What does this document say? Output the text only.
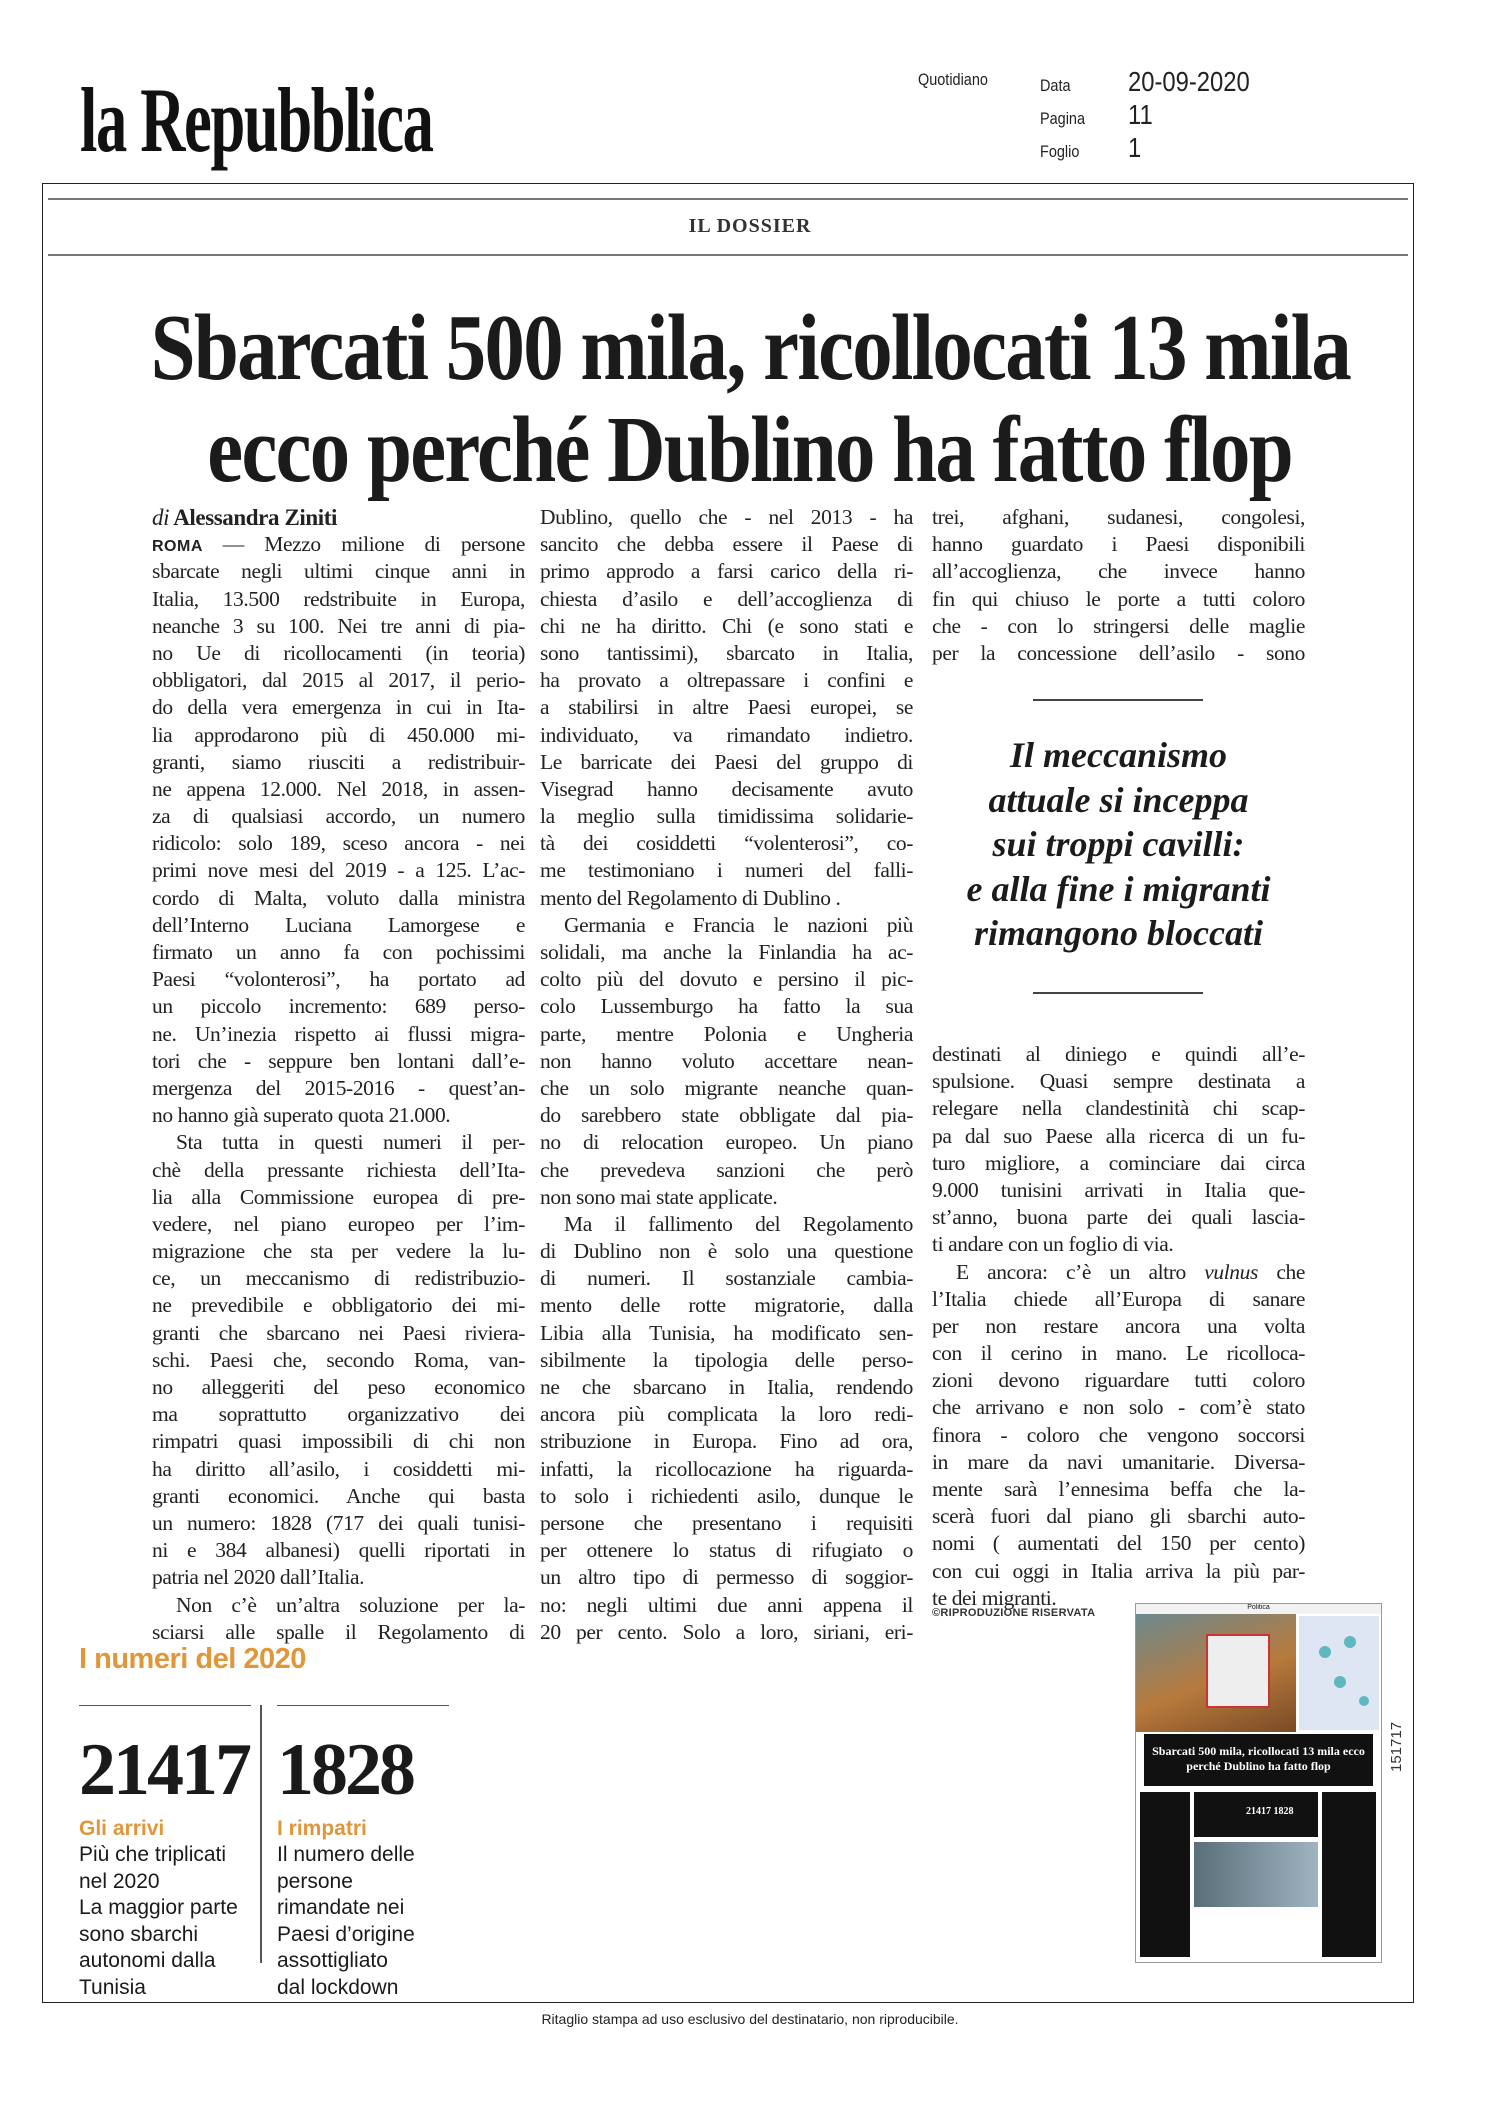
la Repubblica	Quotidiano	Data 20-09-2020
Pagina 11
Foglio 1
IL DOSSIER
Sbarcati 500 mila, ricollocati 13 mila
ecco perché Dublino ha fatto flop
di Alessandra Ziniti
ROMA — Mezzo milione di persone
sbarcate negli ultimi cinque anni in
Italia, 13.500 redstribuite in Europa,
neanche 3 su 100. Nei tre anni di pia-
no Ue di ricollocamenti (in teoria)
obbligatori, dal 2015 al 2017, il perio-
do della vera emergenza in cui in Ita-
lia approdarono più di 450.000 mi-
granti, siamo riusciti a redistribuir-
ne appena 12.000. Nel 2018, in assen-
za di qualsiasi accordo, un numero
ridicolo: solo 189, sceso ancora - nei
primi nove mesi del 2019 - a 125. L’ac-
cordo di Malta, voluto dalla ministra
dell’Interno Luciana Lamorgese e
firmato un anno fa con pochissimi
Paesi “volonterosi”, ha portato ad
un piccolo incremento: 689 perso-
ne. Un’inezia rispetto ai flussi migra-
tori che - seppure ben lontani dall’e-
mergenza del 2015-2016 - quest’an-
no hanno già superato quota 21.000.
Sta tutta in questi numeri il per-
chè della pressante richiesta dell’Ita-
lia alla Commissione europea di pre-
vedere, nel piano europeo per l’im-
migrazione che sta per vedere la lu-
ce, un meccanismo di redistribuzio-
ne prevedibile e obbligatorio dei mi-
granti che sbarcano nei Paesi riviera-
schi. Paesi che, secondo Roma, van-
no alleggeriti del peso economico
ma soprattutto organizzativo dei
rimpatri quasi impossibili di chi non
ha diritto all’asilo, i cosiddetti mi-
granti economici. Anche qui basta
un numero: 1828 (717 dei quali tunisi-
ni e 384 albanesi) quelli riportati in
patria nel 2020 dall’Italia.
Non c’è un’altra soluzione per la-
sciarsi alle spalle il Regolamento di
Dublino, quello che - nel 2013 - ha
sancito che debba essere il Paese di
primo approdo a farsi carico della ri-
chiesta d’asilo e dell’accoglienza di
chi ne ha diritto. Chi (e sono stati e
sono tantissimi), sbarcato in Italia,
ha provato a oltrepassare i confini e
a stabilirsi in altre Paesi europei, se
individuato, va rimandato indietro.
Le barricate dei Paesi del gruppo di
Visegrad hanno decisamente avuto
la meglio sulla timidissima solidarie-
tà dei cosiddetti “volenterosi”, co-
me testimoniano i numeri del falli-
mento del Regolamento di Dublino .
Germania e Francia le nazioni più
solidali, ma anche la Finlandia ha ac-
colto più del dovuto e persino il pic-
colo Lussemburgo ha fatto la sua
parte, mentre Polonia e Ungheria
non hanno voluto accettare nean-
che un solo migrante neanche quan-
do sarebbero state obbligate dal pia-
no di relocation europeo. Un piano
che prevedeva sanzioni che però
non sono mai state applicate.
Ma il fallimento del Regolamento
di Dublino non è solo una questione
di numeri. Il sostanziale cambia-
mento delle rotte migratorie, dalla
Libia alla Tunisia, ha modificato sen-
sibilmente la tipologia delle perso-
ne che sbarcano in Italia, rendendo
ancora più complicata la loro redi-
stribuzione in Europa. Fino ad ora,
infatti, la ricollocazione ha riguarda-
to solo i richiedenti asilo, dunque le
persone che presentano i requisiti
per ottenere lo status di rifugiato o
un altro tipo di permesso di soggior-
no: negli ultimi due anni appena il
20 per cento. Solo a loro, siriani, eri-
trei, afghani, sudanesi, congolesi,
hanno guardato i Paesi disponibili
all’accoglienza, che invece hanno
fin qui chiuso le porte a tutti coloro
che - con lo stringersi delle maglie
per la concessione dell’asilo - sono
Il meccanismo
attuale si inceppa
sui troppi cavilli:
e alla fine i migranti
rimangono bloccati
destinati al diniego e quindi all’e-
spulsione. Quasi sempre destinata a
relegare nella clandestinità chi scap-
pa dal suo Paese alla ricerca di un fu-
turo migliore, a cominciare dai circa
9.000 tunisini arrivati in Italia que-
st’anno, buona parte dei quali lascia-
ti andare con un foglio di via.
E ancora: c’è un altro vulnus che
l’Italia chiede all’Europa di sanare
per non restare ancora una volta
con il cerino in mano. Le ricolloca-
zioni devono riguardare tutti coloro
che arrivano e non solo - com’è stato
finora - coloro che vengono soccorsi
in mare da navi umanitarie. Diversa-
mente sarà l’ennesima beffa che la-
scerà fuori dal piano gli sbarchi auto-
nomi ( aumentati del 150 per cento)
con cui oggi in Italia arriva la più par-
te dei migranti.
©RIPRODUZIONE RISERVATA
I numeri del 2020
21417
Gli arrivi
Più che triplicati
nel 2020
La maggior parte
sono sbarchi
autonomi dalla
Tunisia
1828
I rimpatri
Il numero delle
persone
rimandate nei
Paesi d’origine
assottigliato
dal lockdown
Politica
Sbarcati 500 mila, ricollocati 13 mila ecco perché Dublino ha fatto flop
21417 1828
151717
Ritaglio stampa ad uso esclusivo del destinatario, non riproducibile.
